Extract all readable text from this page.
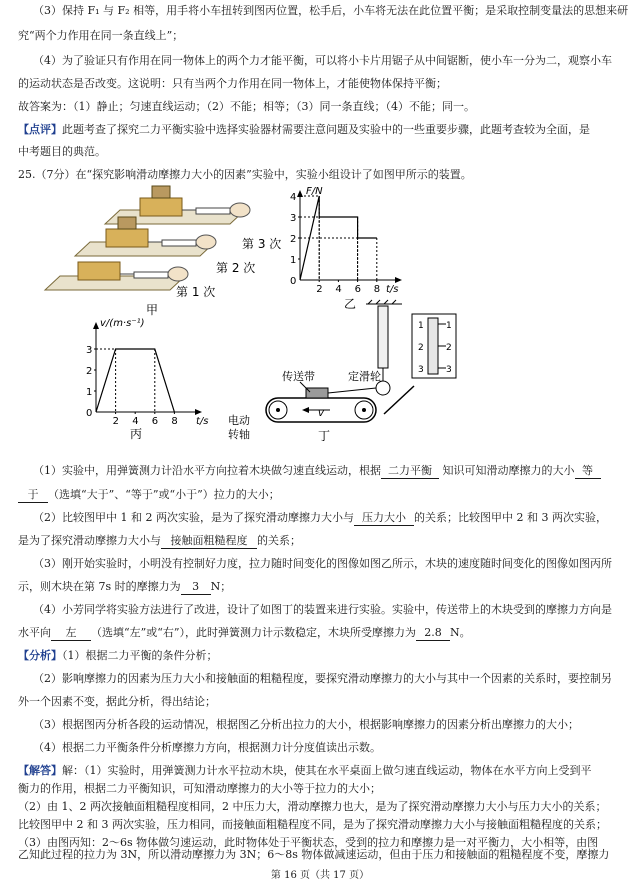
（3）保持 F₁ 与 F₂ 相等，用手将小车扭转到图丙位置，松手后，小车将无法在此位置平衡；是采取控制变量法的思想来研
究“两个力作用在同一条直线上”；
（4）为了验证只有作用在同一物体上的两个力才能平衡，可以将小卡片用锯子从中间锯断，使小车一分为二，观察小车
的运动状态是否改变。这说明：只有当两个力作用在同一物体上，才能使物体保持平衡；
故答案为：（1）静止；匀速直线运动；（2）不能；相等；（3）同一条直线；（4）不能；同一。
【点评】此题考查了探究二力平衡实验中选择实验器材需要注意问题及实验中的一些重要步骤，此题考查较为全面，是
中考题目的典范。
25.（7分）在“探究影响滑动摩擦力大小的因素”实验中，实验小组设计了如图甲所示的装置。
第 3 次
第 2 次
第 1 次
甲
F/N
t/s
乙
0
1
2
3
4
2 4 6 8
v/(m·s⁻¹)
t/s
丙
0
1
2
3
2 4 6 8
1
2
3
1
2
3
定滑轮
v
传送带
电动
转轴	丁
（1）实验中，用弹簧测力计沿水平方向拉着木块做匀速直线运动，根据 二力平衡 知识可知滑动摩擦力的大小 等
于 （选填“大于”、“等于”或“小于”）拉力的大小；
（2）比较图甲中 1 和 2 两次实验，是为了探究滑动摩擦力大小与 压力大小 的关系；比较图甲中 2 和 3 两次实验，
是为了探究滑动摩擦力大小与 接触面粗糙程度 的关系；
（3）刚开始实验时，小明没有控制好力度，拉力随时间变化的图像如图乙所示，木块的速度随时间变化的图像如图丙所
示，则木块在第 7s 时的摩擦力为 3 N；
（4）小芳同学将实验方法进行了改进，设计了如图丁的装置来进行实验。实验中，传送带上的木块受到的摩擦力方向是
水平向 左 （选填“左”或“右”），此时弹簧测力计示数稳定，木块所受摩擦力为 2.8 N。
【分析】（1）根据二力平衡的条件分析；
（2）影响摩擦力的因素为压力大小和接触面的粗糙程度，要探究滑动摩擦力的大小与其中一个因素的关系时，要控制另
外一个因素不变，据此分析，得出结论；
（3）根据图丙分析各段的运动情况，根据图乙分析出拉力的大小，根据影响摩擦力的因素分析出摩擦力的大小；
（4）根据二力平衡条件分析摩擦力方向，根据测力计分度值读出示数。
【解答】解：（1）实验时，用弹簧测力计水平拉动木块，使其在水平桌面上做匀速直线运动，物体在水平方向上受到平
衡力的作用，根据二力平衡知识，可知滑动摩擦力的大小等于拉力的大小；
（2）由 1、2 两次接触面粗糙程度相同，2 中压力大，滑动摩擦力也大，是为了探究滑动摩擦力大小与压力大小的关系；
比较图甲中 2 和 3 两次实验，压力相同，而接触面粗糙程度不同，是为了探究滑动摩擦力大小与接触面粗糙程度的关系；
（3）由图丙知：2～6s 物体做匀速运动，此时物体处于平衡状态，受到的拉力和摩擦力是一对平衡力，大小相等，由图
乙知此过程的拉力为 3N，所以滑动摩擦力为 3N；6～8s 物体做减速运动，但由于压力和接触面的粗糙程度不变，摩擦力
第 16 页（共 17 页）
